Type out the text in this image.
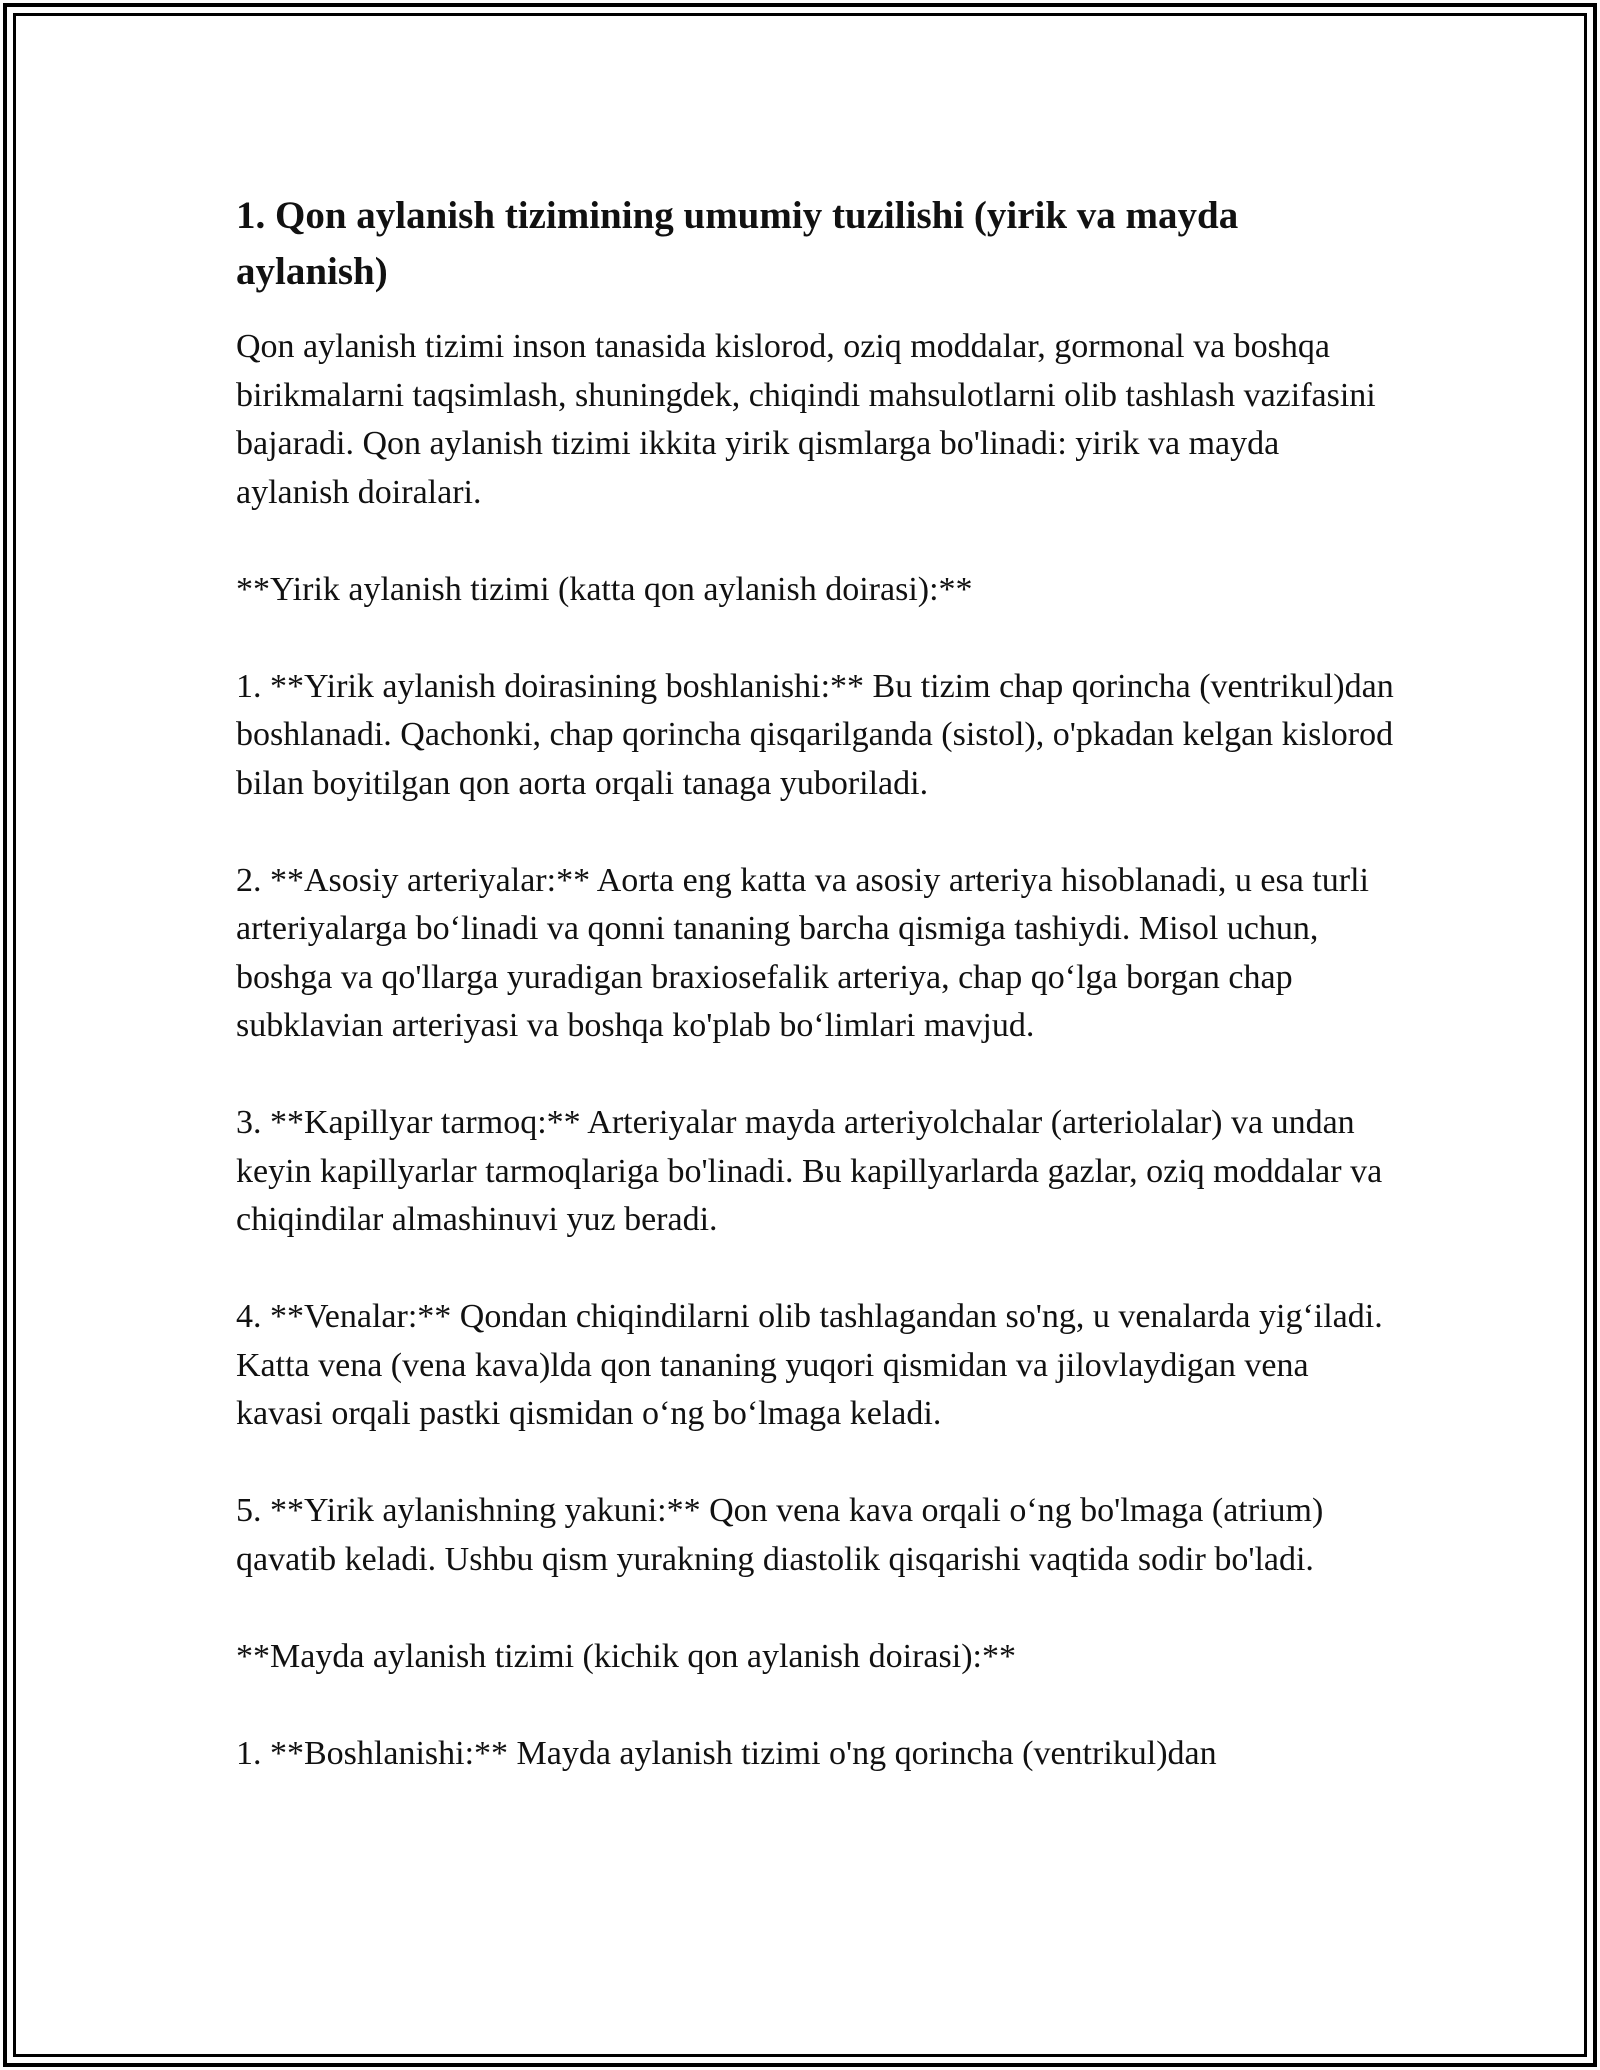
1. Qon aylanish tizimining umumiy tuzilishi (yirik va mayda aylanish)

Qon aylanish tizimi inson tanasida kislorod, oziq moddalar, gormonal va boshqa birikmalarni taqsimlash, shuningdek, chiqindi mahsulotlarni olib tashlash vazifasini bajaradi. Qon aylanish tizimi ikkita yirik qismlarga bo'linadi: yirik va mayda aylanish doiralari.

**Yirik aylanish tizimi (katta qon aylanish doirasi):**

1. **Yirik aylanish doirasining boshlanishi:** Bu tizim chap qorincha (ventrikul)dan boshlanadi. Qachonki, chap qorincha qisqarilganda (sistol), o'pkadan kelgan kislorod bilan boyitilgan qon aorta orqali tanaga yuboriladi.

2. **Asosiy arteriyalar:** Aorta eng katta va asosiy arteriya hisoblanadi, u esa turli arteriyalarga boʻlinadi va qonni tananing barcha qismiga tashiydi. Misol uchun, boshga va qo'llarga yuradigan braxiosefalik arteriya, chap qoʻlga borgan chap subklavian arteriyasi va boshqa ko'plab boʻlimlari mavjud.

3. **Kapillyar tarmoq:** Arteriyalar mayda arteriyolchalar (arteriolalar) va undan keyin kapillyarlar tarmoqlariga bo'linadi. Bu kapillyarlarda gazlar, oziq moddalar va chiqindilar almashinuvi yuz beradi.

4. **Venalar:** Qondan chiqindilarni olib tashlagandan so'ng, u venalarda yigʻiladi. Katta vena (vena kava)lda qon tananing yuqori qismidan va jilovlaydigan vena kavasi orqali pastki qismidan oʻng boʻlmaga keladi.

5. **Yirik aylanishning yakuni:** Qon vena kava orqali oʻng bo'lmaga (atrium) qavatib keladi. Ushbu qism yurakning diastolik qisqarishi vaqtida sodir bo'ladi.

**Mayda aylanish tizimi (kichik qon aylanish doirasi):**

1. **Boshlanishi:** Mayda aylanish tizimi o'ng qorincha (ventrikul)dan
